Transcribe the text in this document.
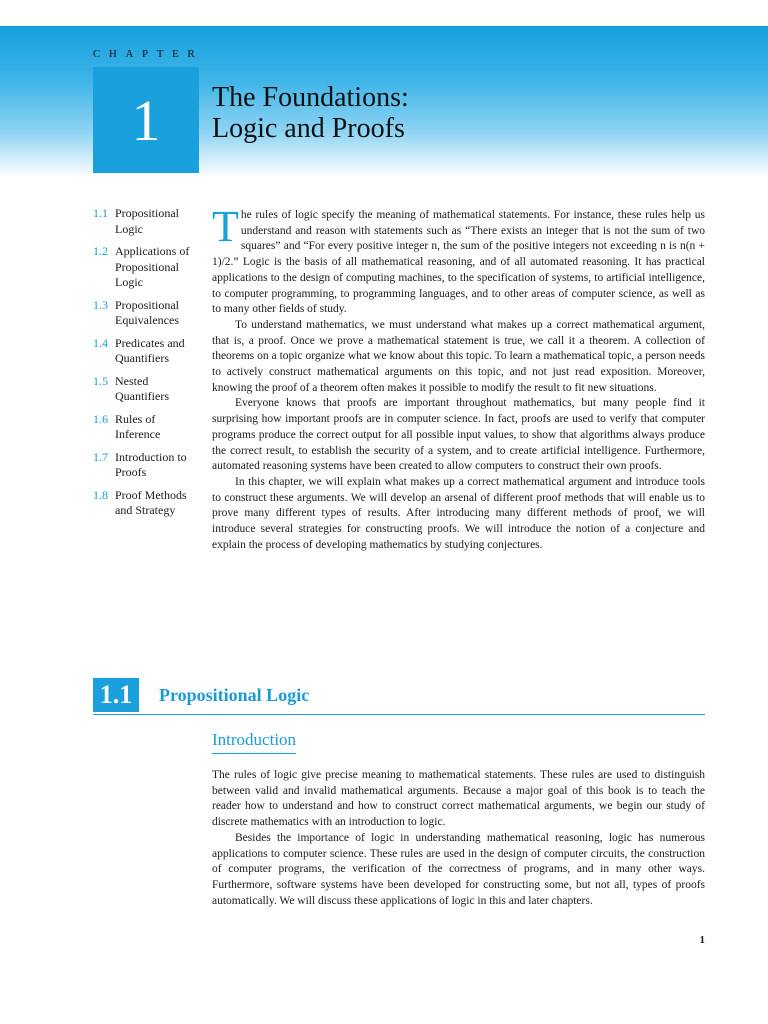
CHAPTER
1 The Foundations:
Logic and Proofs
1.1 Propositional Logic
1.2 Applications of Propositional Logic
1.3 Propositional Equivalences
1.4 Predicates and Quantifiers
1.5 Nested Quantifiers
1.6 Rules of Inference
1.7 Introduction to Proofs
1.8 Proof Methods and Strategy

The rules of logic specify the meaning of mathematical statements. For instance, these rules help us understand and reason with statements such as “There exists an integer that is not the sum of two squares” and “For every positive integer n, the sum of the positive integers not exceeding n is n(n + 1)/2.” Logic is the basis of all mathematical reasoning, and of all automated reasoning. It has practical applications to the design of computing machines, to the specification of systems, to artificial intelligence, to computer programming, to programming languages, and to other areas of computer science, as well as to many other fields of study.

To understand mathematics, we must understand what makes up a correct mathematical argument, that is, a proof. Once we prove a mathematical statement is true, we call it a theorem. A collection of theorems on a topic organize what we know about this topic. To learn a mathematical topic, a person needs to actively construct mathematical arguments on this topic, and not just read exposition. Moreover, knowing the proof of a theorem often makes it possible to modify the result to fit new situations.

Everyone knows that proofs are important throughout mathematics, but many people find it surprising how important proofs are in computer science. In fact, proofs are used to verify that computer programs produce the correct output for all possible input values, to show that algorithms always produce the correct result, to establish the security of a system, and to create artificial intelligence. Furthermore, automated reasoning systems have been created to allow computers to construct their own proofs.

In this chapter, we will explain what makes up a correct mathematical argument and introduce tools to construct these arguments. We will develop an arsenal of different proof methods that will enable us to prove many different types of results. After introducing many different methods of proof, we will introduce several strategies for constructing proofs. We will introduce the notion of a conjecture and explain the process of developing mathematics by studying conjectures.

1.1	Propositional Logic
Introduction

The rules of logic give precise meaning to mathematical statements. These rules are used to distinguish between valid and invalid mathematical arguments. Because a major goal of this book is to teach the reader how to understand and how to construct correct mathematical arguments, we begin our study of discrete mathematics with an introduction to logic.

Besides the importance of logic in understanding mathematical reasoning, logic has numerous applications to computer science. These rules are used in the design of computer circuits, the construction of computer programs, the verification of the correctness of programs, and in many other ways. Furthermore, software systems have been developed for constructing some, but not all, types of proofs automatically. We will discuss these applications of logic in this and later chapters.

1
